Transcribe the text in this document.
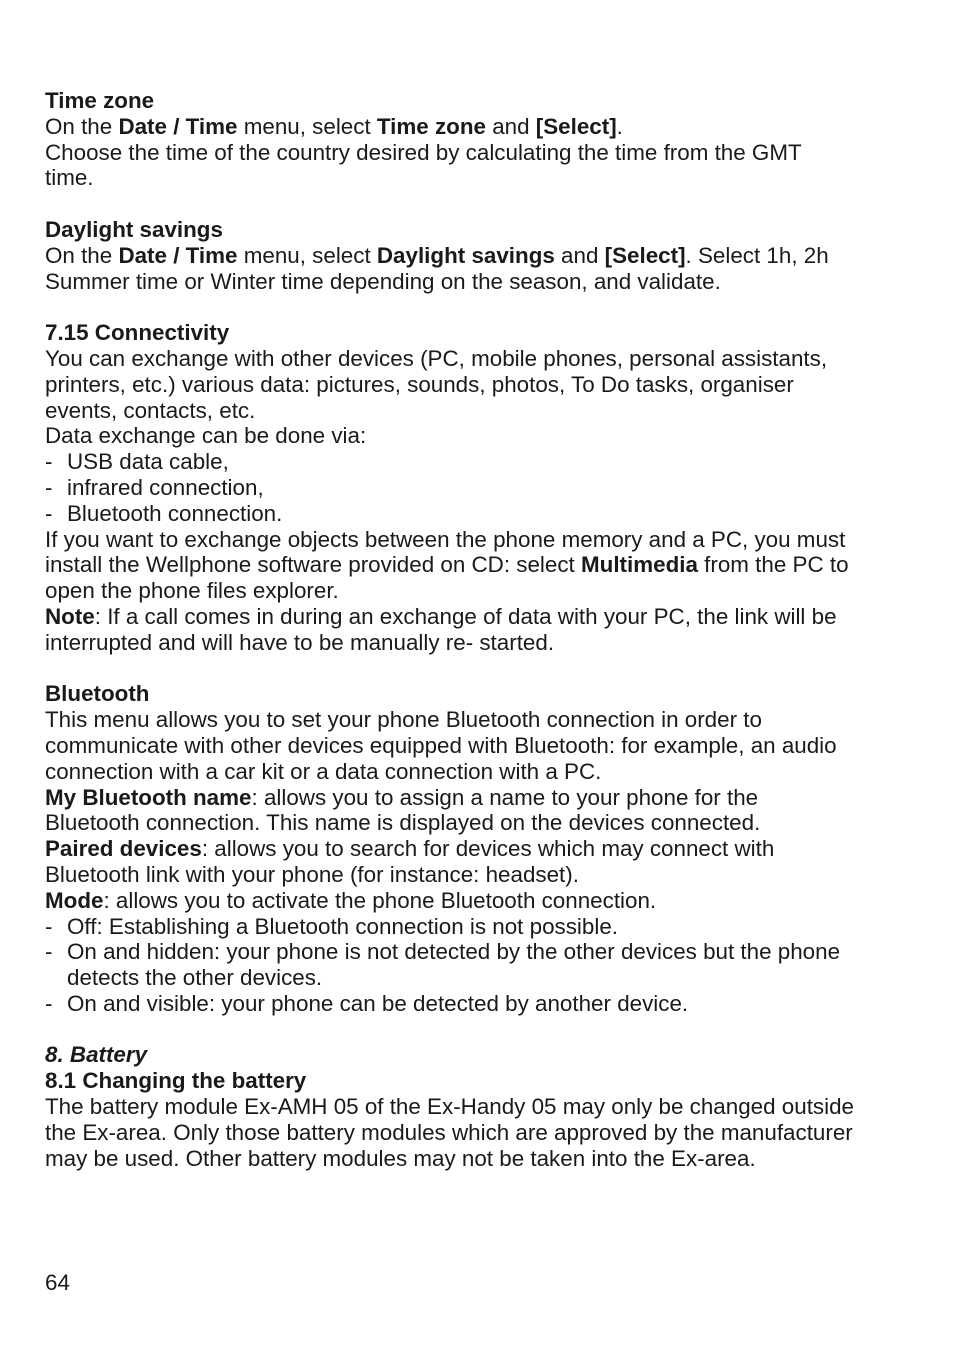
Time zone
On the Date / Time menu, select Time zone and [Select].
Choose the time of the country desired by calculating the time from the GMT
time.
Daylight savings
On the Date / Time menu, select Daylight savings and [Select]. Select 1h, 2h
Summer time or Winter time depending on the season, and validate.
7.15 Connectivity
You can exchange with other devices (PC, mobile phones, personal assistants,
printers, etc.) various data: pictures, sounds, photos, To Do tasks, organiser
events, contacts, etc.
Data exchange can be done via:
- USB data cable,
- infrared connection,
- Bluetooth connection.
If you want to exchange objects between the phone memory and a PC, you must
install the Wellphone software provided on CD: select Multimedia from the PC to
open the phone files explorer.
Note: If a call comes in during an exchange of data with your PC, the link will be
interrupted and will have to be manually re- started.
Bluetooth
This menu allows you to set your phone Bluetooth connection in order to
communicate with other devices equipped with Bluetooth: for example, an audio
connection with a car kit or a data connection with a PC.
My Bluetooth name: allows you to assign a name to your phone for the
Bluetooth connection. This name is displayed on the devices connected.
Paired devices: allows you to search for devices which may connect with
Bluetooth link with your phone (for instance: headset).
Mode: allows you to activate the phone Bluetooth connection.
- Off: Establishing a Bluetooth connection is not possible.
- On and hidden: your phone is not detected by the other devices but the phone
detects the other devices.
- On and visible: your phone can be detected by another device.
8. Battery
8.1 Changing the battery
The battery module Ex-AMH 05 of the Ex-Handy 05 may only be changed outside
the Ex-area. Only those battery modules which are approved by the manufacturer
may be used. Other battery modules may not be taken into the Ex-area.
64
